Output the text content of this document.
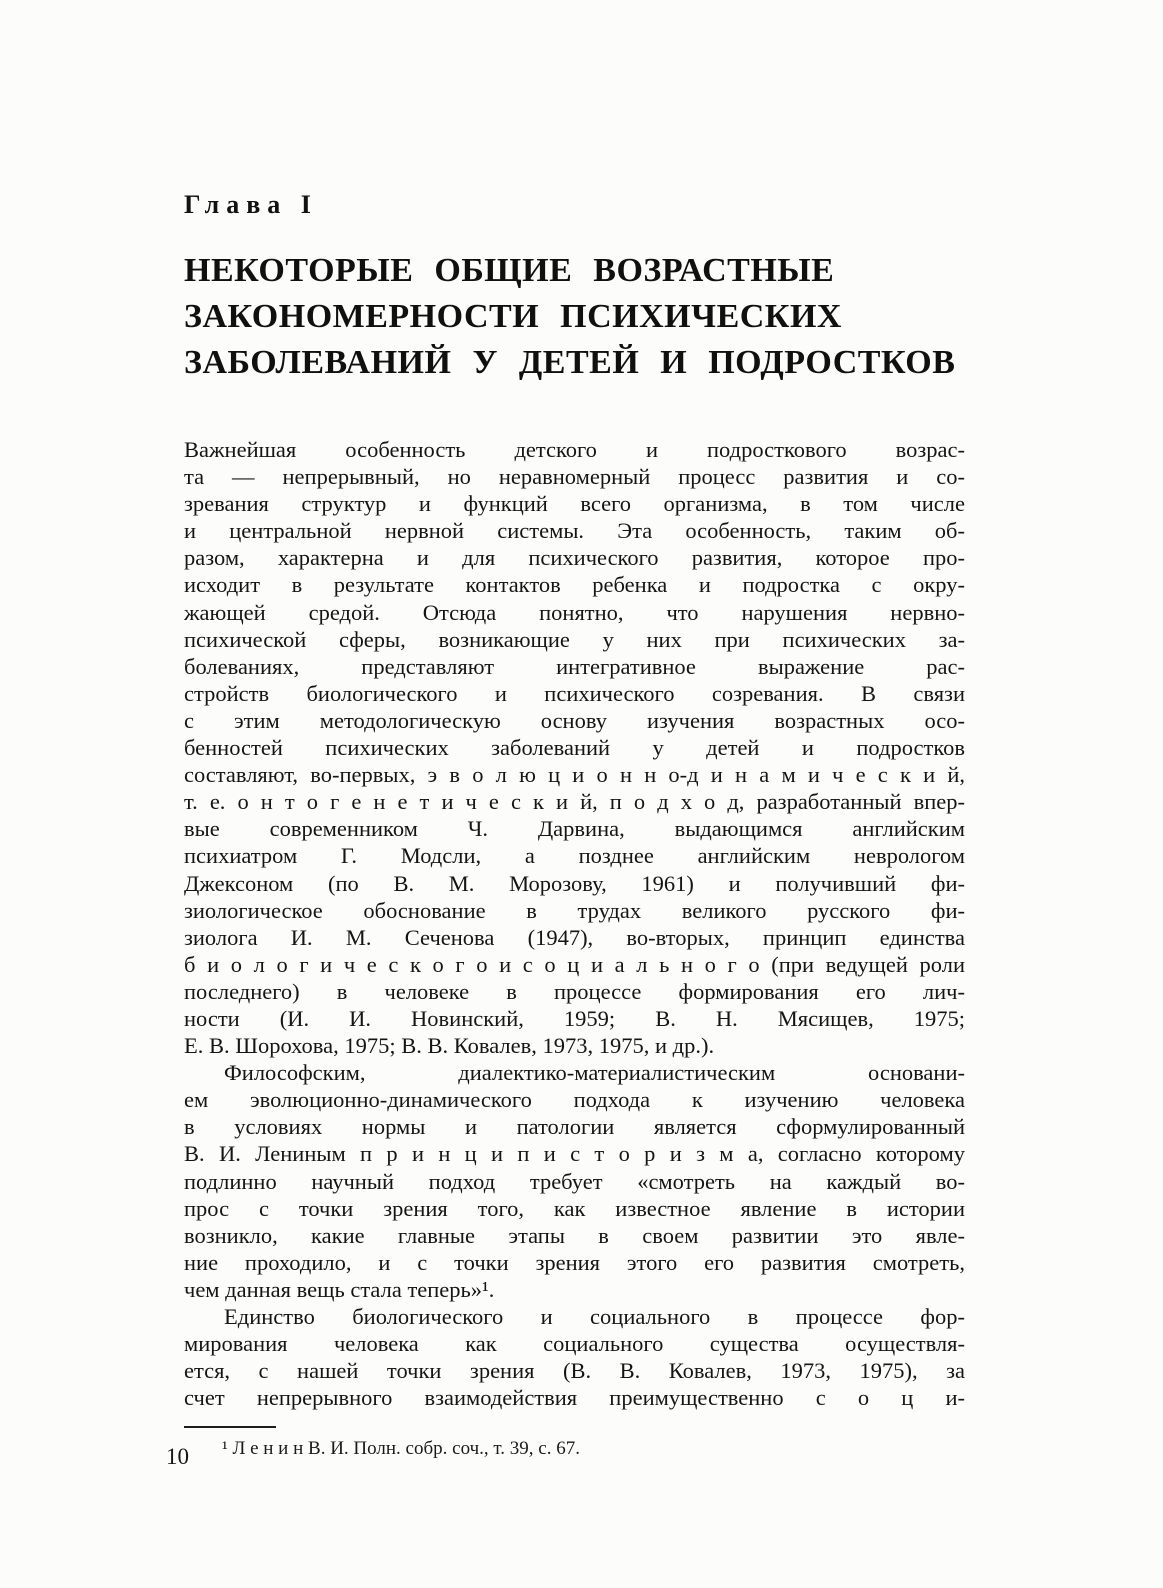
Глава I
НЕКОТОРЫЕ ОБЩИЕ ВОЗРАСТНЫЕ
ЗАКОНОМЕРНОСТИ ПСИХИЧЕСКИХ
ЗАБОЛЕВАНИЙ У ДЕТЕЙ И ПОДРОСТКОВ
Важнейшая особенность детского и подросткового возрас-
та — непрерывный, но неравномерный процесс развития и со-
зревания структур и функций всего организма, в том числе
и центральной нервной системы. Эта особенность, таким об-
разом, характерна и для психического развития, которое про-
исходит в результате контактов ребенка и подростка с окру-
жающей средой. Отсюда понятно, что нарушения нервно-
психической сферы, возникающие у них при психических за-
болеваниях, представляют интегративное выражение рас-
стройств биологического и психического созревания. В связи
с этим методологическую основу изучения возрастных осо-
бенностей психических заболеваний у детей и подростков
составляют, во-первых, э в о л ю ц и о н н о-д и н а м и ч е с к и й,
т. е. о н т о г е н е т и ч е с к и й, п о д х о д, разработанный впер-
вые современником Ч. Дарвина, выдающимся английским
психиатром Г. Модсли, а позднее английским неврологом
Джексоном (по В. М. Морозову, 1961) и получивший фи-
зиологическое обоснование в трудах великого русского фи-
зиолога И. М. Сеченова (1947), во-вторых, принцип единства
б и о л о г и ч е с к о г о и с о ц и а л ь н о г о (при ведущей роли
последнего) в человеке в процессе формирования его лич-
ности (И. И. Новинский, 1959; В. Н. Мясищев, 1975;
Е. В. Шорохова, 1975; В. В. Ковалев, 1973, 1975, и др.).
Философским, диалектико-материалистическим основани-
ем эволюционно-динамического подхода к изучению человека
в условиях нормы и патологии является сформулированный
В. И. Лениным п р и н ц и п и с т о р и з м а, согласно которому
подлинно научный подход требует «смотреть на каждый во-
прос с точки зрения того, как известное явление в истории
возникло, какие главные этапы в своем развитии это явле-
ние проходило, и с точки зрения этого его развития смотреть,
чем данная вещь стала теперь»¹.
Единство биологического и социального в процессе фор-
мирования человека как социального существа осуществля-
ется, с нашей точки зрения (В. В. Ковалев, 1973, 1975), за
счет непрерывного взаимодействия преимущественно с о ц и-
¹ Л е н и н В. И. Полн. собр. соч., т. 39, с. 67.
10
